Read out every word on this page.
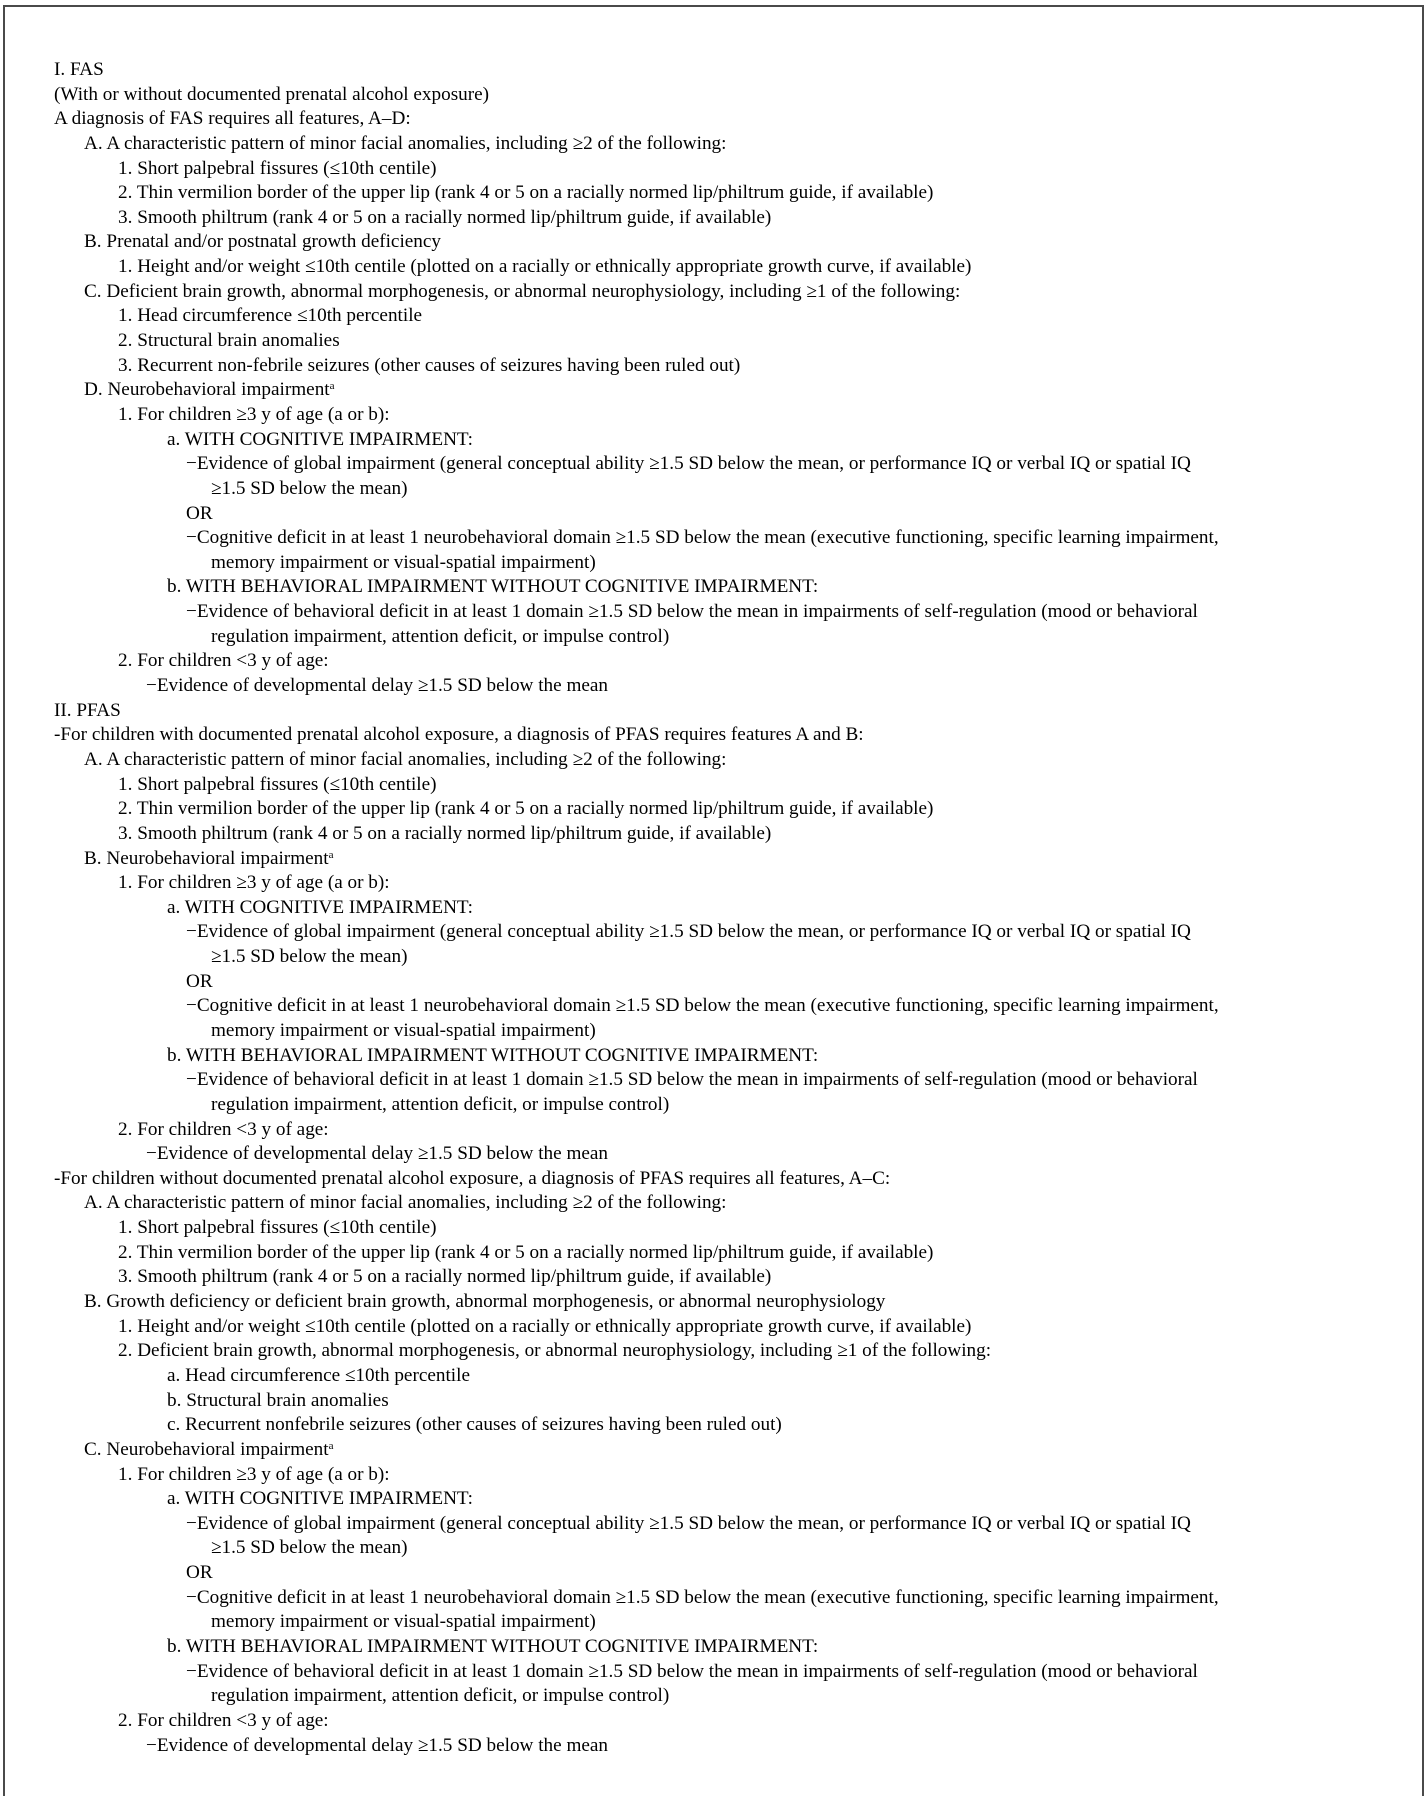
I. FAS
(With or without documented prenatal alcohol exposure)
A diagnosis of FAS requires all features, A–D:
A. A characteristic pattern of minor facial anomalies, including ≥2 of the following:
1. Short palpebral fissures (≤10th centile)
2. Thin vermilion border of the upper lip (rank 4 or 5 on a racially normed lip/philtrum guide, if available)
3. Smooth philtrum (rank 4 or 5 on a racially normed lip/philtrum guide, if available)
B. Prenatal and/or postnatal growth deficiency
1. Height and/or weight ≤10th centile (plotted on a racially or ethnically appropriate growth curve, if available)
C. Deficient brain growth, abnormal morphogenesis, or abnormal neurophysiology, including ≥1 of the following:
1. Head circumference ≤10th percentile
2. Structural brain anomalies
3. Recurrent non-febrile seizures (other causes of seizures having been ruled out)
D. Neurobehavioral impairment$^a$
1. For children ≥3 y of age (a or b):
a. WITH COGNITIVE IMPAIRMENT:
−Evidence of global impairment (general conceptual ability ≥1.5 SD below the mean, or performance IQ or verbal IQ or spatial IQ
≥1.5 SD below the mean)
OR
−Cognitive deficit in at least 1 neurobehavioral domain ≥1.5 SD below the mean (executive functioning, specific learning impairment,
memory impairment or visual-spatial impairment)
b. WITH BEHAVIORAL IMPAIRMENT WITHOUT COGNITIVE IMPAIRMENT:
−Evidence of behavioral deficit in at least 1 domain ≥1.5 SD below the mean in impairments of self-regulation (mood or behavioral
regulation impairment, attention deficit, or impulse control)
2. For children <3 y of age:
−Evidence of developmental delay ≥1.5 SD below the mean
II. PFAS
-For children with documented prenatal alcohol exposure, a diagnosis of PFAS requires features A and B:
A. A characteristic pattern of minor facial anomalies, including ≥2 of the following:
1. Short palpebral fissures (≤10th centile)
2. Thin vermilion border of the upper lip (rank 4 or 5 on a racially normed lip/philtrum guide, if available)
3. Smooth philtrum (rank 4 or 5 on a racially normed lip/philtrum guide, if available)
B. Neurobehavioral impairment$^a$
1. For children ≥3 y of age (a or b):
a. WITH COGNITIVE IMPAIRMENT:
−Evidence of global impairment (general conceptual ability ≥1.5 SD below the mean, or performance IQ or verbal IQ or spatial IQ
≥1.5 SD below the mean)
OR
−Cognitive deficit in at least 1 neurobehavioral domain ≥1.5 SD below the mean (executive functioning, specific learning impairment,
memory impairment or visual-spatial impairment)
b. WITH BEHAVIORAL IMPAIRMENT WITHOUT COGNITIVE IMPAIRMENT:
−Evidence of behavioral deficit in at least 1 domain ≥1.5 SD below the mean in impairments of self-regulation (mood or behavioral
regulation impairment, attention deficit, or impulse control)
2. For children <3 y of age:
−Evidence of developmental delay ≥1.5 SD below the mean
-For children without documented prenatal alcohol exposure, a diagnosis of PFAS requires all features, A–C:
A. A characteristic pattern of minor facial anomalies, including ≥2 of the following:
1. Short palpebral fissures (≤10th centile)
2. Thin vermilion border of the upper lip (rank 4 or 5 on a racially normed lip/philtrum guide, if available)
3. Smooth philtrum (rank 4 or 5 on a racially normed lip/philtrum guide, if available)
B. Growth deficiency or deficient brain growth, abnormal morphogenesis, or abnormal neurophysiology
1. Height and/or weight ≤10th centile (plotted on a racially or ethnically appropriate growth curve, if available)
2. Deficient brain growth, abnormal morphogenesis, or abnormal neurophysiology, including ≥1 of the following:
a. Head circumference ≤10th percentile
b. Structural brain anomalies
c. Recurrent nonfebrile seizures (other causes of seizures having been ruled out)
C. Neurobehavioral impairment$^a$
1. For children ≥3 y of age (a or b):
a. WITH COGNITIVE IMPAIRMENT:
−Evidence of global impairment (general conceptual ability ≥1.5 SD below the mean, or performance IQ or verbal IQ or spatial IQ
≥1.5 SD below the mean)
OR
−Cognitive deficit in at least 1 neurobehavioral domain ≥1.5 SD below the mean (executive functioning, specific learning impairment,
memory impairment or visual-spatial impairment)
b. WITH BEHAVIORAL IMPAIRMENT WITHOUT COGNITIVE IMPAIRMENT:
−Evidence of behavioral deficit in at least 1 domain ≥1.5 SD below the mean in impairments of self-regulation (mood or behavioral
regulation impairment, attention deficit, or impulse control)
2. For children <3 y of age:
−Evidence of developmental delay ≥1.5 SD below the mean
